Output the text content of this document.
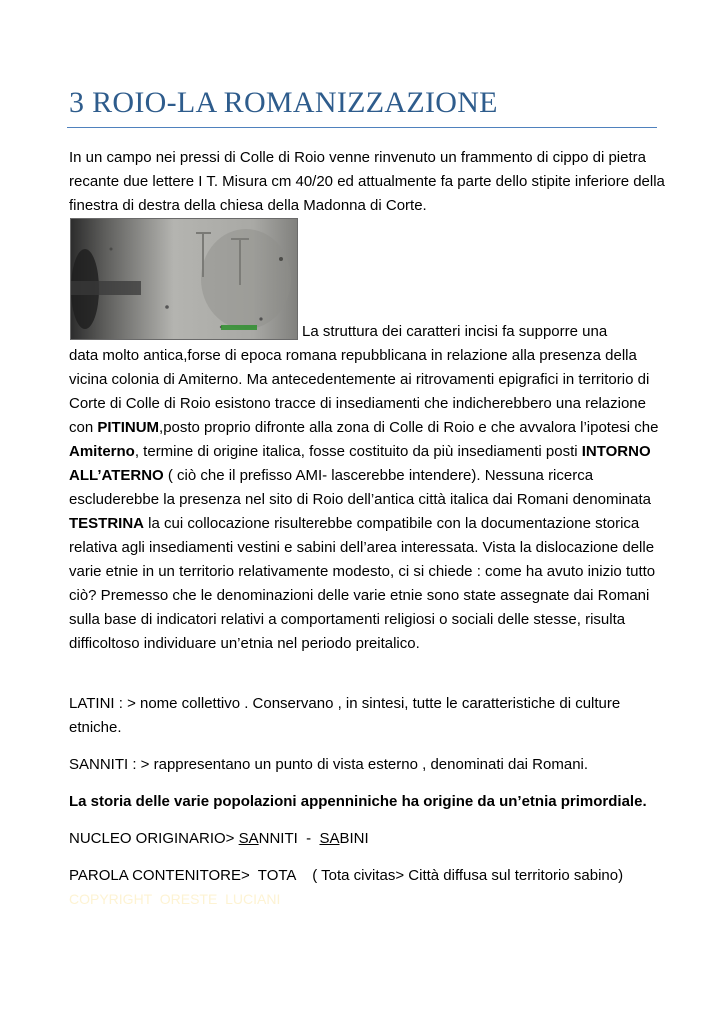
3 ROIO-LA ROMANIZZAZIONE

In un campo nei pressi di Colle di Roio venne rinvenuto un frammento di cippo di pietra recante due lettere I T. Misura cm 40/20 ed attualmente fa parte dello stipite inferiore della finestra di destra della chiesa della Madonna di Corte.

La struttura dei caratteri incisi fa supporre una

data molto antica,forse di epoca romana repubblicana in relazione alla presenza della vicina colonia di Amiterno. Ma antecedentemente ai ritrovamenti epigrafici in territorio di Corte di Colle di Roio esistono tracce di insediamenti che indicherebbero una relazione con PITINUM,posto proprio difronte alla zona di Colle di Roio e che avvalora l’ipotesi che Amiterno, termine di origine italica, fosse costituito da più insediamenti posti INTORNO ALL’ATERNO ( ciò che il prefisso AMI- lascerebbe intendere). Nessuna ricerca escluderebbe la presenza nel sito di Roio dell’antica città italica dai Romani denominata TESTRINA la cui collocazione risulterebbe compatibile con la documentazione storica relativa agli insediamenti vestini e sabini dell’area interessata. Vista la dislocazione delle varie etnie in un territorio relativamente modesto, ci si chiede : come ha avuto inizio tutto ciò? Premesso che le denominazioni delle varie etnie sono state assegnate dai Romani sulla base di indicatori relativi a comportamenti religiosi o sociali delle stesse, risulta difficoltoso individuare un’etnia nel periodo preitalico.

LATINI : > nome collettivo . Conservano , in sintesi, tutte le caratteristiche di culture etniche.

SANNITI : > rappresentano un punto di vista esterno , denominati dai Romani.

La storia delle varie popolazioni appenniniche ha origine da un’etnia primordiale.

NUCLEO ORIGINARIO> SANNITI  -  SABINI

PAROLA CONTENITORE>  TOTA    ( Tota civitas> Città diffusa sul territorio sabino)

COPYRIGHT  ORESTE  LUCIANI
